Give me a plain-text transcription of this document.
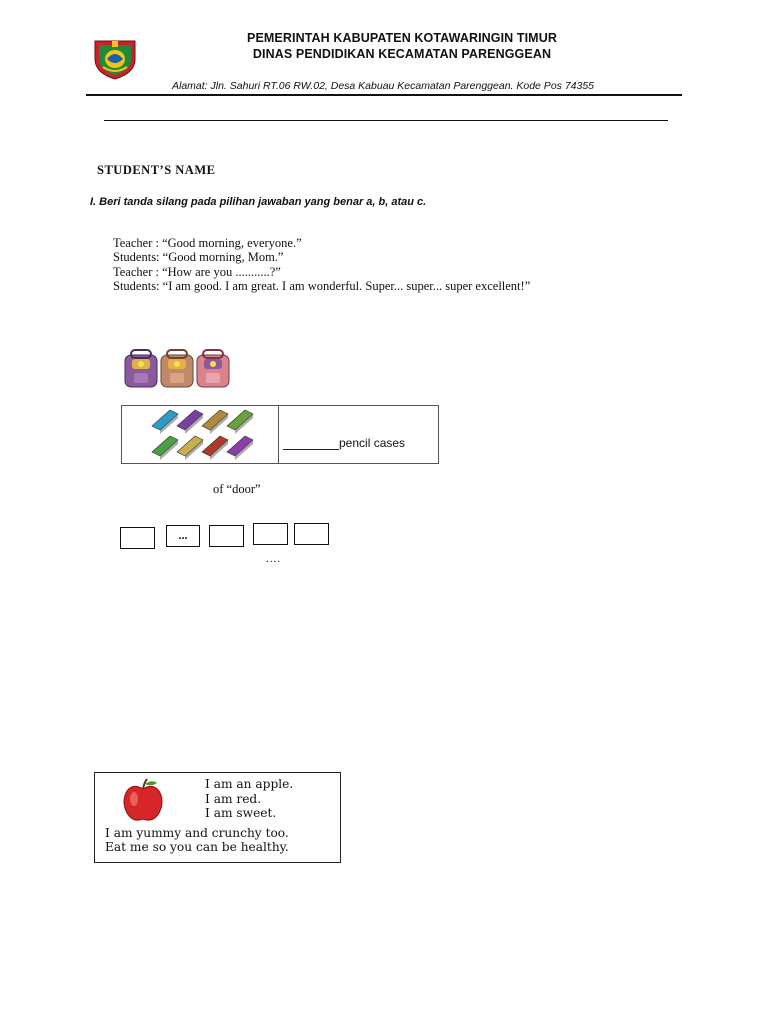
PEMERINTAH KABUPATEN KOTAWARINGIN TIMUR
DINAS PENDIDIKAN KECAMATAN PARENGGEAN
Alamat: Jln. Sahuri RT.06 RW.02, Desa Kabuau Kecamatan Parenggean. Kode Pos 74355
STUDENT’S NAME
I. Beri tanda silang pada pilihan jawaban yang benar a, b, atau c.
Teacher : “Good morning, everyone.”
Students: “Good morning, Mom.”
Teacher : “How are you ...........?”
Students: “I am good. I am great. I am wonderful. Super... super... super excellent!”
pencil cases
of “door”
...
....
I am an apple.
I am red.
I am sweet.
I am yummy and crunchy too.
Eat me so you can be healthy.
